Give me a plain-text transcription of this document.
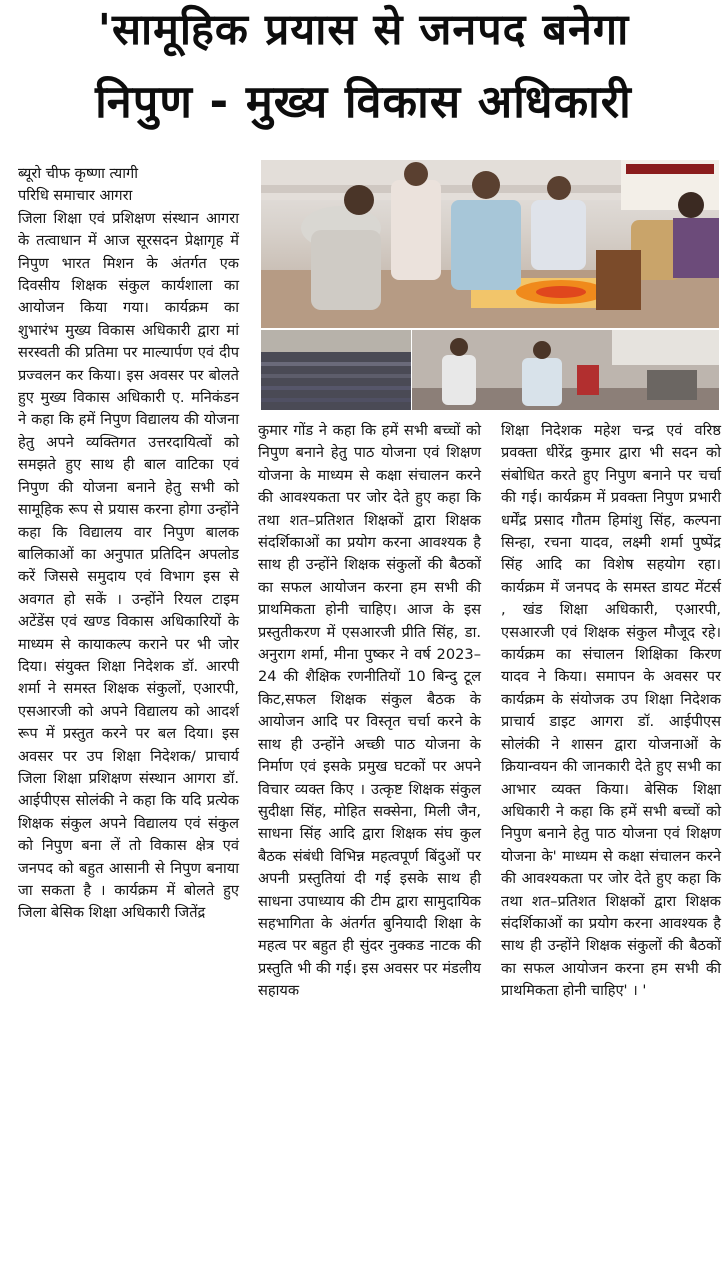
'सामूहिक प्रयास से जनपद बनेगा
निपुण - मुख्य विकास अधिकारी

ब्यूरो चीफ कृष्णा त्यागी

परिधि समाचार आगरा

जिला शिक्षा एवं प्रशिक्षण संस्थान आगरा के तत्वाधान में आज सूरसदन प्रेक्षागृह में निपुण भारत मिशन के अंतर्गत एक दिवसीय शिक्षक संकुल कार्यशाला का आयोजन किया गया। कार्यक्रम का शुभारंभ मुख्य विकास अधिकारी द्वारा मां सरस्वती की प्रतिमा पर माल्यार्पण एवं दीप प्रज्वलन कर किया। इस अवसर पर बोलते हुए मुख्य विकास अधिकारी ए. मनिकंडन ने कहा कि हमें निपुण विद्यालय की योजना हेतु अपने व्यक्तिगत उत्तरदायित्वों को समझते हुए साथ ही बाल वाटिका एवं निपुण की योजना बनाने हेतु सभी को सामूहिक रूप से प्रयास करना होगा उन्होंने कहा कि विद्यालय वार निपुण बालक बालिकाओं का अनुपात प्रतिदिन अपलोड करें जिससे समुदाय एवं विभाग इस से अवगत हो सकें । उन्होंने रियल टाइम अटेंडेंस एवं खण्ड विकास अधिकारियों के माध्यम से कायाकल्प कराने पर भी जोर दिया। संयुक्त शिक्षा निदेशक डॉ. आरपी शर्मा ने समस्त शिक्षक संकुलों, एआरपी, एसआरजी को अपने विद्यालय को आदर्श रूप में प्रस्तुत करने पर बल दिया। इस अवसर पर उप शिक्षा निदेशक/ प्राचार्य जिला शिक्षा प्रशिक्षण संस्थान आगरा डॉ. आईपीएस सोलंकी ने कहा कि यदि प्रत्येक शिक्षक संकुल अपने विद्यालय एवं संकुल को निपुण बना लें तो विकास क्षेत्र एवं जनपद को बहुत आसानी से निपुण बनाया जा सकता है । कार्यक्रम में बोलते हुए जिला बेसिक शिक्षा अधिकारी जितेंद्र

कुमार गोंड ने कहा कि हमें सभी बच्चों को निपुण बनाने हेतु पाठ योजना एवं शिक्षण योजना के माध्यम से कक्षा संचालन करने की आवश्यकता पर जोर देते हुए कहा कि तथा शत–प्रतिशत शिक्षकों द्वारा शिक्षक संदर्शिकाओं का प्रयोग करना आवश्यक है साथ ही उन्होंने शिक्षक संकुलों की बैठकों का सफल आयोजन करना हम सभी की प्राथमिकता होनी चाहिए। आज के इस प्रस्तुतीकरण में एसआरजी प्रीति सिंह, डा. अनुराग शर्मा, मीना पुष्कर ने वर्ष 2023–24 की शैक्षिक रणनीतियों 10 बिन्दु टूल किट,सफल शिक्षक संकुल बैठक के आयोजन आदि पर विस्तृत चर्चा करने के साथ ही उन्होंने अच्छी पाठ योजना के निर्माण एवं इसके प्रमुख घटकों पर अपने विचार व्यक्त किए । उत्कृष्ट शिक्षक संकुल सुदीक्षा सिंह, मोहित सक्सेना, मिली जैन, साधना सिंह आदि द्वारा शिक्षक संघ कुल बैठक संबंधी विभिन्न महत्वपूर्ण बिंदुओं पर अपनी प्रस्तुतियां दी गई इसके साथ ही साधना उपाध्याय की टीम द्वारा सामुदायिक सहभागिता के अंतर्गत बुनियादी शिक्षा के महत्व पर बहुत ही सुंदर नुक्कड नाटक की प्रस्तुति भी की गई। इस अवसर पर मंडलीय सहायक

शिक्षा निदेशक महेश चन्द्र एवं वरिष्ठ प्रवक्ता धीरेंद्र कुमार द्वारा भी सदन को संबोधित करते हुए निपुण बनाने पर चर्चा की गई। कार्यक्रम में प्रवक्ता निपुण प्रभारी धर्मेंद्र प्रसाद गौतम हिमांशु सिंह, कल्पना सिन्हा, रचना यादव, लक्ष्मी शर्मा पुष्पेंद्र सिंह आदि का विशेष सहयोग रहा। कार्यक्रम में जनपद के समस्त डायट मेंटर्स , खंड शिक्षा अधिकारी, एआरपी, एसआरजी एवं शिक्षक संकुल मौजूद रहे। कार्यक्रम का संचालन शिक्षिका किरण यादव ने किया। समापन के अवसर पर कार्यक्रम के संयोजक उप शिक्षा निदेशक प्राचार्य डाइट आगरा डॉ. आईपीएस सोलंकी ने शासन द्वारा योजनाओं के क्रियान्वयन की जानकारी देते हुए सभी का आभार व्यक्त किया। बेसिक शिक्षा अधिकारी ने कहा कि हमें सभी बच्चों को निपुण बनाने हेतु पाठ योजना एवं शिक्षण योजना के' माध्यम से कक्षा संचालन करने की आवश्यकता पर जोर देते हुए कहा कि तथा शत–प्रतिशत शिक्षकों द्वारा शिक्षक संदर्शिकाओं का प्रयोग करना आवश्यक है साथ ही उन्होंने शिक्षक संकुलों की बैठकों का सफल आयोजन करना हम सभी की प्राथमिकता होनी चाहिए' । '
